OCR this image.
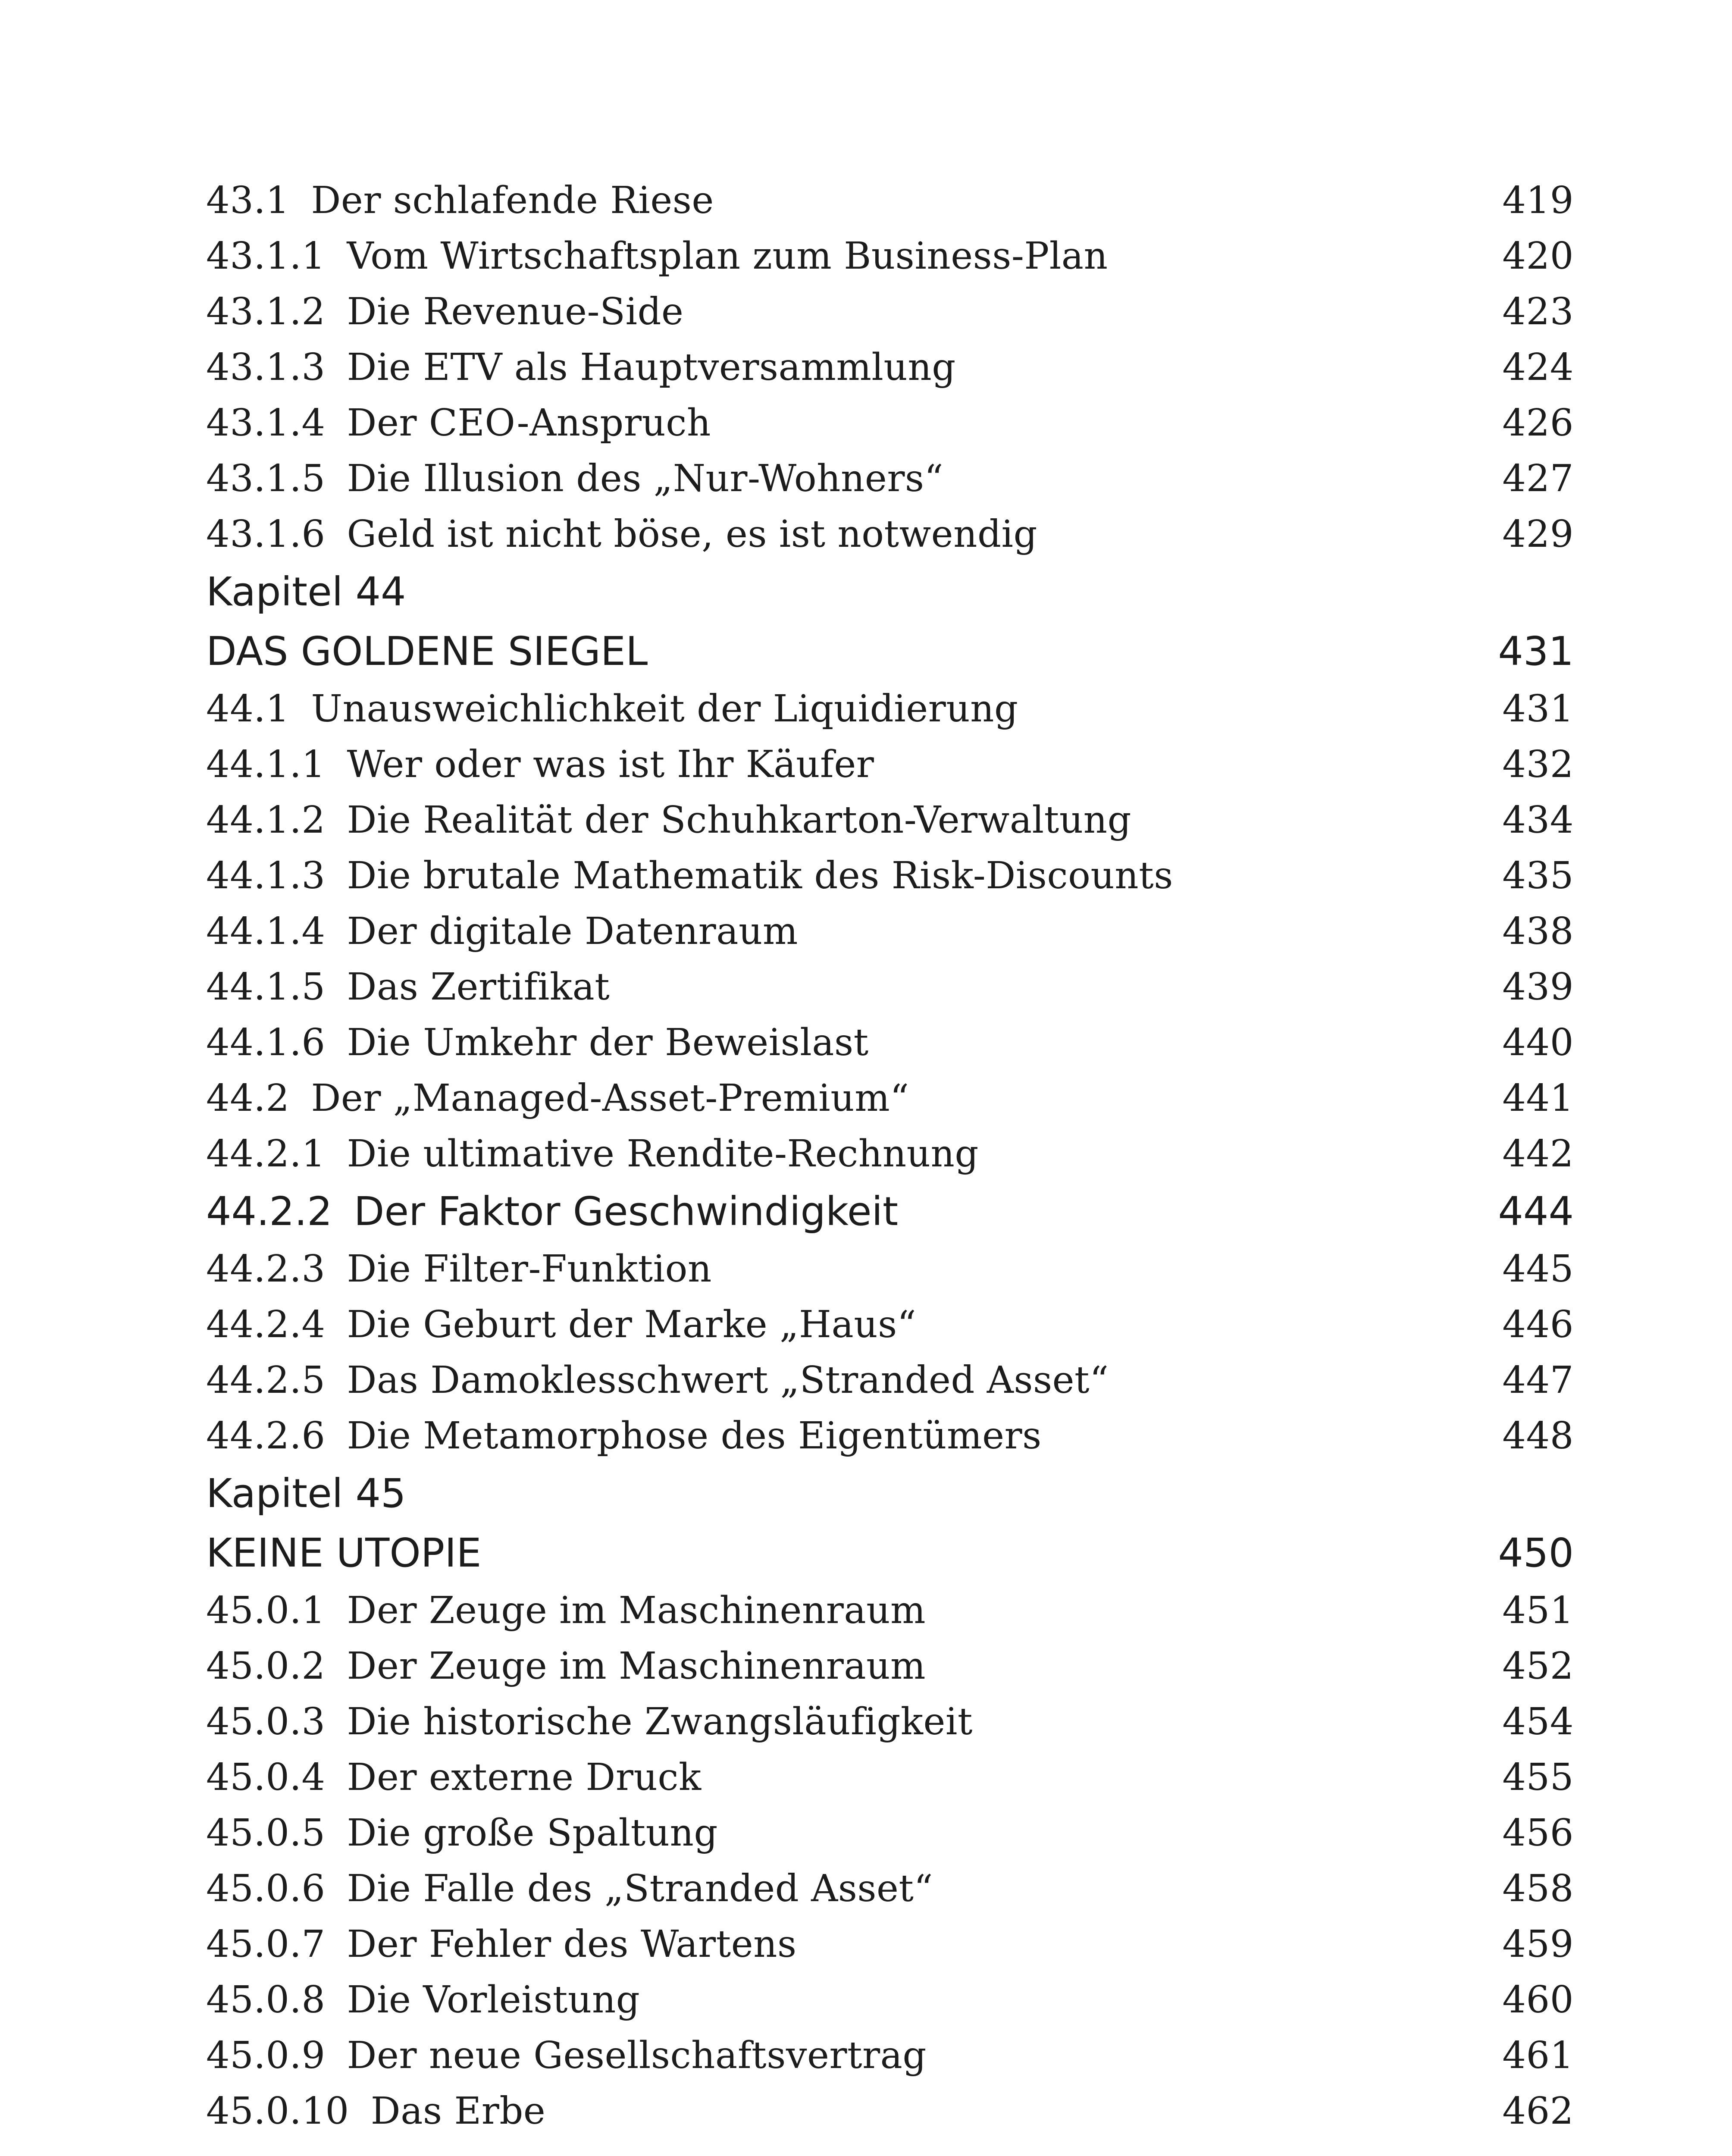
43.1 Der schlafende Riese	419
43.1.1 Vom Wirtschaftsplan zum Business-Plan	420
43.1.2 Die Revenue-Side	423
43.1.3 Die ETV als Hauptversammlung	424
43.1.4 Der CEO-Anspruch	426
43.1.5 Die Illusion des „Nur-Wohners“	427
43.1.6 Geld ist nicht böse, es ist notwendig	429
Kapitel 44
DAS GOLDENE SIEGEL	431
44.1 Unausweichlichkeit der Liquidierung	431
44.1.1 Wer oder was ist Ihr Käufer	432
44.1.2 Die Realität der Schuhkarton-Verwaltung	434
44.1.3 Die brutale Mathematik des Risk-Discounts	435
44.1.4 Der digitale Datenraum	438
44.1.5 Das Zertifikat	439
44.1.6 Die Umkehr der Beweislast	440
44.2 Der „Managed-Asset-Premium“	441
44.2.1 Die ultimative Rendite-Rechnung	442
44.2.2 Der Faktor Geschwindigkeit	444
44.2.3 Die Filter-Funktion	445
44.2.4 Die Geburt der Marke „Haus“	446
44.2.5 Das Damoklesschwert „Stranded Asset“	447
44.2.6 Die Metamorphose des Eigentümers	448
Kapitel 45
KEINE UTOPIE	450
45.0.1 Der Zeuge im Maschinenraum	451
45.0.2 Der Zeuge im Maschinenraum	452
45.0.3 Die historische Zwangsläufigkeit	454
45.0.4 Der externe Druck	455
45.0.5 Die große Spaltung	456
45.0.6 Die Falle des „Stranded Asset“	458
45.0.7 Der Fehler des Wartens	459
45.0.8 Die Vorleistung	460
45.0.9 Der neue Gesellschaftsvertrag	461
45.0.10 Das Erbe	462
